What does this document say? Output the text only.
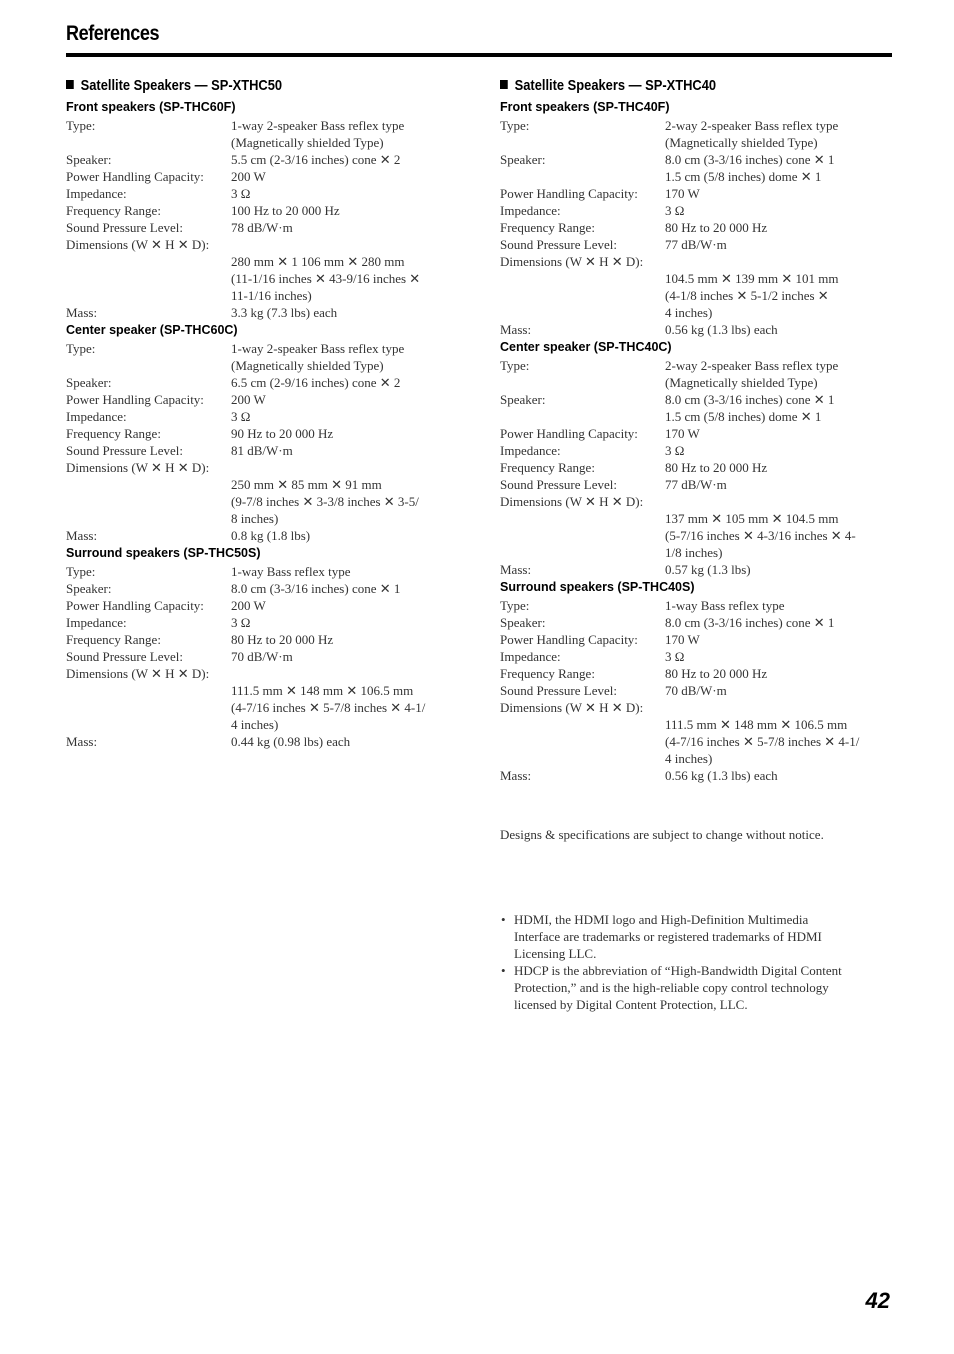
References
Satellite Speakers — SP-XTHC50
Front speakers (SP-THC60F)
Type:	1-way 2-speaker Bass reflex type
(Magnetically shielded Type)
Speaker:	5.5 cm (2-3/16 inches) cone ✕ 2
Power Handling Capacity:	200 W
Impedance:	3 Ω
Frequency Range:	100 Hz to 20 000 Hz
Sound Pressure Level:	78 dB/W·m
Dimensions (W ✕ H ✕ D):
280 mm ✕ 1 106 mm ✕ 280 mm
(11-1/16 inches ✕ 43-9/16 inches ✕
11-1/16 inches)
Mass:	3.3 kg (7.3 lbs) each
Center speaker (SP-THC60C)
Type:	1-way 2-speaker Bass reflex type
(Magnetically shielded Type)
Speaker:	6.5 cm (2-9/16 inches) cone ✕ 2
Power Handling Capacity:	200 W
Impedance:	3 Ω
Frequency Range:	90 Hz to 20 000 Hz
Sound Pressure Level:	81 dB/W·m
Dimensions (W ✕ H ✕ D):
250 mm ✕ 85 mm ✕ 91 mm
(9-7/8 inches ✕ 3-3/8 inches ✕ 3-5/
8 inches)
Mass:	0.8 kg (1.8 lbs)
Surround speakers (SP-THC50S)
Type:	1-way Bass reflex type
Speaker:	8.0 cm (3-3/16 inches) cone ✕ 1
Power Handling Capacity:	200 W
Impedance:	3 Ω
Frequency Range:	80 Hz to 20 000 Hz
Sound Pressure Level:	70 dB/W·m
Dimensions (W ✕ H ✕ D):
111.5 mm ✕ 148 mm ✕ 106.5 mm
(4-7/16 inches ✕ 5-7/8 inches ✕ 4-1/
4 inches)
Mass:	0.44 kg (0.98 lbs) each
Satellite Speakers — SP-XTHC40
Front speakers (SP-THC40F)
Type:	2-way 2-speaker Bass reflex type
(Magnetically shielded Type)
Speaker:	8.0 cm (3-3/16 inches) cone ✕ 1
1.5 cm (5/8 inches) dome ✕ 1
Power Handling Capacity:	170 W
Impedance:	3 Ω
Frequency Range:	80 Hz to 20 000 Hz
Sound Pressure Level:	77 dB/W·m
Dimensions (W ✕ H ✕ D):
104.5 mm ✕ 139 mm ✕ 101 mm
(4-1/8 inches ✕ 5-1/2 inches ✕
4 inches)
Mass:	0.56 kg (1.3 lbs) each
Center speaker (SP-THC40C)
Type:	2-way 2-speaker Bass reflex type
(Magnetically shielded Type)
Speaker:	8.0 cm (3-3/16 inches) cone ✕ 1
1.5 cm (5/8 inches) dome ✕ 1
Power Handling Capacity:	170 W
Impedance:	3 Ω
Frequency Range:	80 Hz to 20 000 Hz
Sound Pressure Level:	77 dB/W·m
Dimensions (W ✕ H ✕ D):
137 mm ✕ 105 mm ✕ 104.5 mm
(5-7/16 inches ✕ 4-3/16 inches ✕ 4-
1/8 inches)
Mass:	0.57 kg (1.3 lbs)
Surround speakers (SP-THC40S)
Type:	1-way Bass reflex type
Speaker:	8.0 cm (3-3/16 inches) cone ✕ 1
Power Handling Capacity:	170 W
Impedance:	3 Ω
Frequency Range:	80 Hz to 20 000 Hz
Sound Pressure Level:	70 dB/W·m
Dimensions (W ✕ H ✕ D):
111.5 mm ✕ 148 mm ✕ 106.5 mm
(4-7/16 inches ✕ 5-7/8 inches ✕ 4-1/
4 inches)
Mass:	0.56 kg (1.3 lbs) each
Designs & specifications are subject to change without notice.
• HDMI, the HDMI logo and High-Definition Multimedia
Interface are trademarks or registered trademarks of HDMI
Licensing LLC.
• HDCP is the abbreviation of “High-Bandwidth Digital Content
Protection,” and is the high-reliable copy control technology
licensed by Digital Content Protection, LLC.
42
